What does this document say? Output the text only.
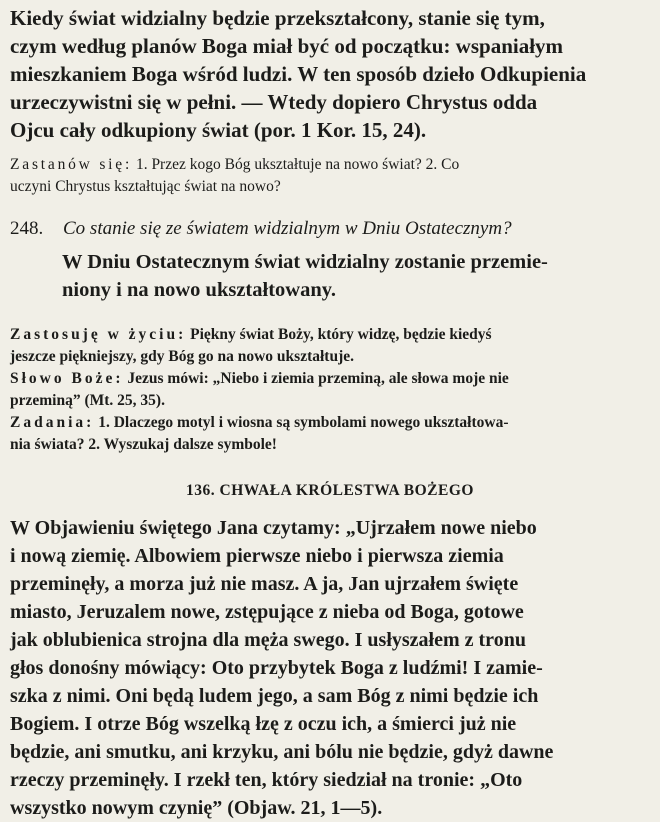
Kiedy świat widzialny będzie przekształcony, stanie się tym,
czym według planów Boga miał być od początku: wspaniałym
mieszkaniem Boga wśród ludzi. W ten sposób dzieło Odkupienia
urzeczywistni się w pełni. — Wtedy dopiero Chrystus odda
Ojcu cały odkupiony świat (por. 1 Kor. 15, 24).
Zastanów się: 1. Przez kogo Bóg ukształtuje na nowo świat? 2. Co
uczyni Chrystus kształtując świat na nowo?
248. Co stanie się ze światem widzialnym w Dniu Ostatecznym?
W Dniu Ostatecznym świat widzialny zostanie przemie-
niony i na nowo ukształtowany.
Zastosuję w życiu: Piękny świat Boży, który widzę, będzie kiedyś
jeszcze piękniejszy, gdy Bóg go na nowo ukształtuje.
Słowo Boże: Jezus mówi: „Niebo i ziemia przeminą, ale słowa moje nie
przeminą” (Mt. 25, 35).
Zadania: 1. Dlaczego motyl i wiosna są symbolami nowego ukształtowa-
nia świata? 2. Wyszukaj dalsze symbole!
136. CHWAŁA KRÓLESTWA BOŻEGO
W Objawieniu świętego Jana czytamy: „Ujrzałem nowe niebo
i nową ziemię. Albowiem pierwsze niebo i pierwsza ziemia
przeminęły, a morza już nie masz. A ja, Jan ujrzałem święte
miasto, Jeruzalem nowe, zstępujące z nieba od Boga, gotowe
jak oblubienica strojna dla męża swego. I usłyszałem z tronu
głos donośny mówiący: Oto przybytek Boga z ludźmi! I zamie-
szka z nimi. Oni będą ludem jego, a sam Bóg z nimi będzie ich
Bogiem. I otrze Bóg wszelką łzę z oczu ich, a śmierci już nie
będzie, ani smutku, ani krzyku, ani bólu nie będzie, gdyż dawne
rzeczy przeminęły. I rzekł ten, który siedział na tronie: „Oto
wszystko nowym czynię” (Objaw. 21, 1—5).
